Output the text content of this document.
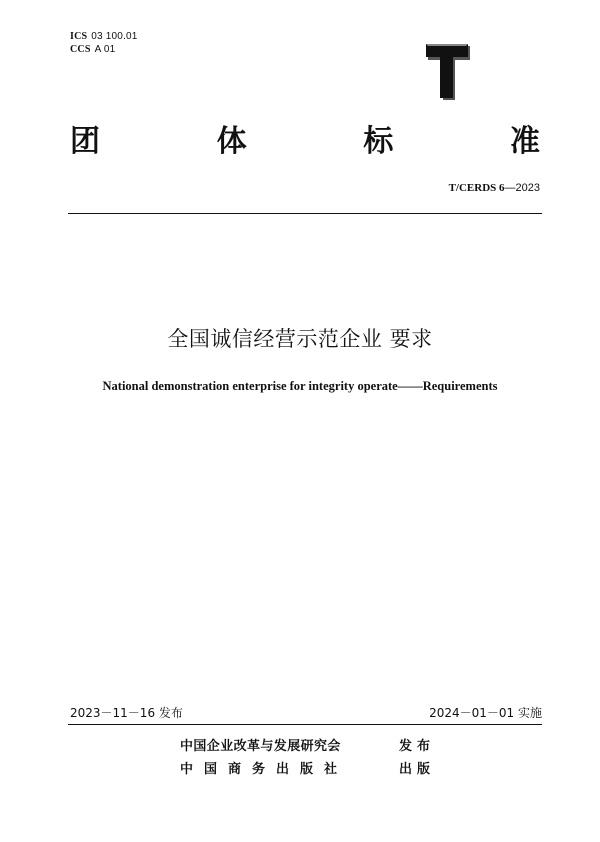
ICS 03 100.01
CCS A 01
团	体	标	准
T/CERDS 6—2023
全国诚信经营示范企业 要求
National demonstration enterprise for integrity operate——Requirements
2023－11－16 发布	2024－01－01 实施
中国企业改革与发展研究会	发布
中国商务出版社	出版
